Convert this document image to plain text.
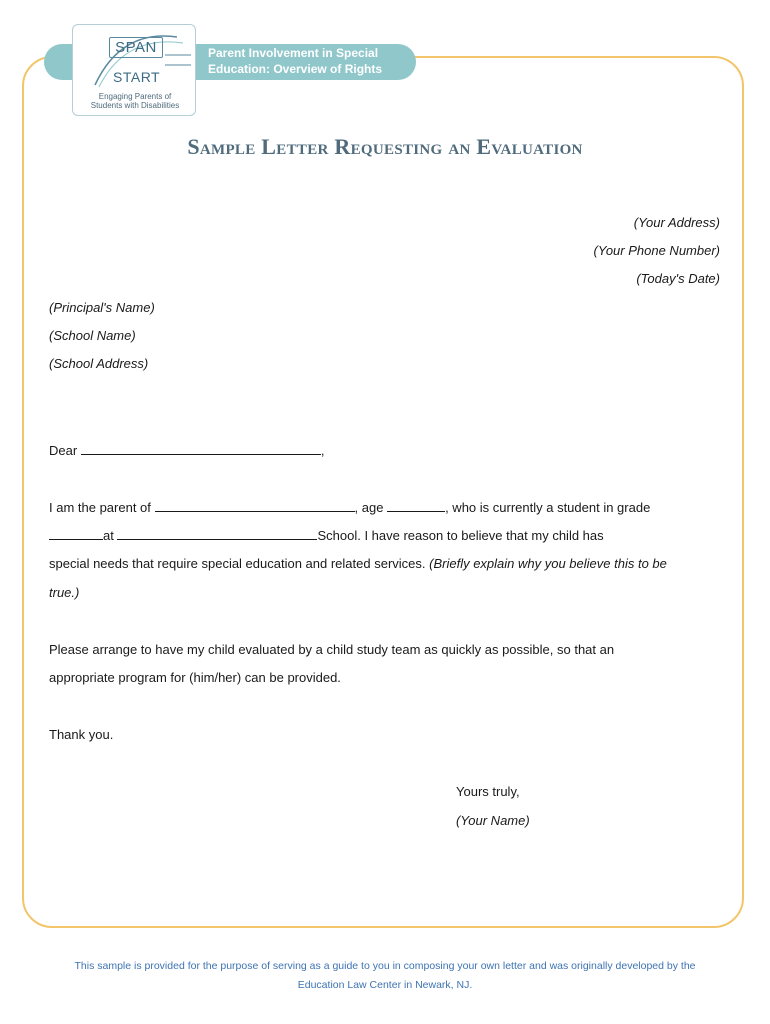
Parent Involvement in Special
Education: Overview of Rights
SPAN
START
Engaging Parents of
Students with Disabilities
Sample Letter Requesting an Evaluation
(Your Address)
(Your Phone Number)
(Today's Date)
(Principal's Name)
(School Name)
(School Address)
Dear	,
I am the parent of	, age	, who is currently a student in grade
at	School. I have reason to believe that my child has
special needs that require special education and related services. (Briefly explain why you believe this to be
true.)
Please arrange to have my child evaluated by a child study team as quickly as possible, so that an
appropriate program for (him/her) can be provided.
Thank you.
Yours truly,
(Your Name)
This sample is provided for the purpose of serving as a guide to you in composing your own letter and was originally developed by the
Education Law Center in Newark, NJ.
